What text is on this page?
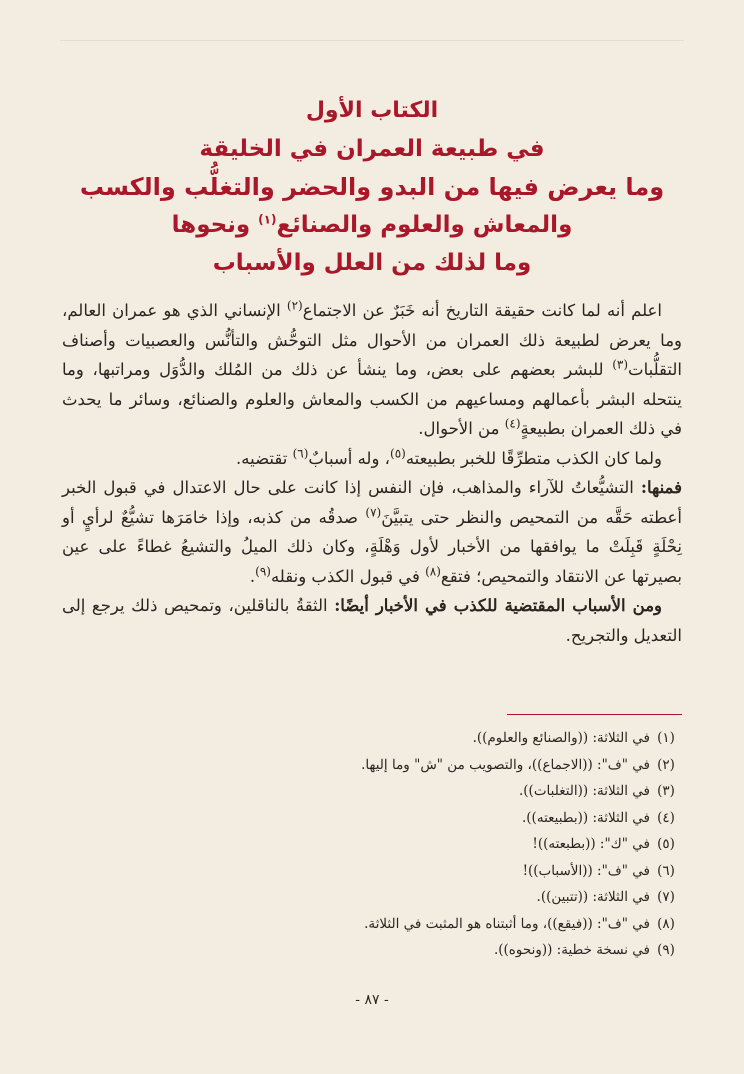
الكتاب الأول
في طبيعة العمران في الخليقة
وما يعرض فيها من البدو والحضر والتغلُّب والكسب
والمعاش والعلوم والصنائع$^{(١)}$ ونحوها
وما لذلك من العلل والأسباب

اعلم أنه لما كانت حقيقة التاريخ أنه خَبَرٌ عن الاجتماع$^{(٢)}$ الإنساني الذي هو عمران العالم، وما يعرض لطبيعة ذلك العمران من الأحوال مثل التوحُّش والتأنُّس والعصبيات وأصناف التقلُّبات$^{(٣)}$ للبشر بعضهم على بعض، وما ينشأ عن ذلك من المُلك والدُّوَل ومراتبها، وما ينتحله البشر بأعمالهم ومساعيهم من الكسب والمعاش والعلوم والصنائع، وسائر ما يحدث في ذلك العمران بطبيعةٍ$^{(٤)}$ من الأحوال.

ولما كان الكذب متطرِّقًا للخبر بطبيعته$^{(٥)}$، وله أسبابٌ$^{(٦)}$ تقتضيه.

فمنها: التشيُّعاتُ للآراء والمذاهب، فإن النفس إذا كانت على حال الاعتدال في قبول الخبر أعطته حَقَّه من التمحيص والنظر حتى يتبيَّنَ$^{(٧)}$ صدقُه من كذبه، وإذا خامَرَها تشيُّعٌ لرأيٍ أو نِحْلَةٍ قَبِلَتْ ما يوافقها من الأخبار لأول وَهْلَةٍ، وكان ذلك الميلُ والتشيعُ غطاءً على عين بصيرتها عن الانتقاد والتمحيص؛ فتقع$^{(٨)}$ في قبول الكذب ونقله$^{(٩)}$.

ومن الأسباب المقتضية للكذب في الأخبار أيضًا: الثقةُ بالناقلين، وتمحيص ذلك يرجع إلى التعديل والتجريح.

(١)
في الثلاثة: ((والصنائع والعلوم)).
(٢)
في "ف": ((الاجماع))، والتصويب من "ش" وما إليها.
(٣)
في الثلاثة: ((التغلبات)).
(٤)
في الثلاثة: ((بطبيعته)).
(٥)
في "ك": ((بطبعته))!
(٦)
في "ف": ((الأسباب))!
(٧)
في الثلاثة: ((تتبين)).
(٨)
في "ف": ((فيقع))، وما أثبتناه هو المثبت في الثلاثة.
(٩)
في نسخة خطية: ((ونحوه)).
- ٨٧ -
